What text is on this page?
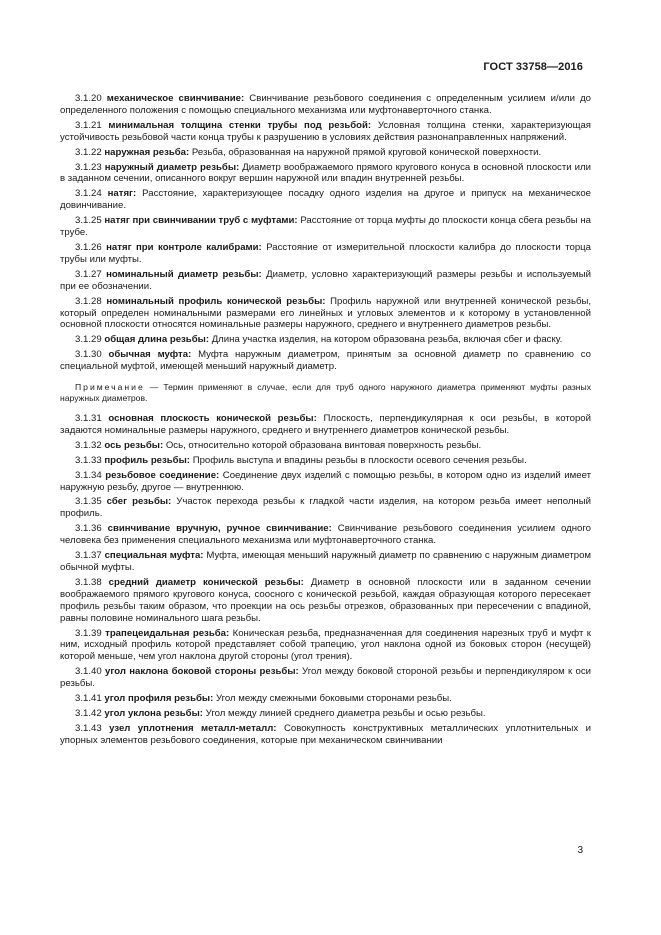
ГОСТ 33758—2016

3.1.20 механическое свинчивание: Свинчивание резьбового соединения с определенным усилием и/или до определенного положения с помощью специального механизма или муфтонаверточного станка.

3.1.21 минимальная толщина стенки трубы под резьбой: Условная толщина стенки, характеризующая устойчивость резьбовой части конца трубы к разрушению в условиях действия разнонаправленных напряжений.

3.1.22 наружная резьба: Резьба, образованная на наружной прямой круговой конической поверхности.

3.1.23 наружный диаметр резьбы: Диаметр воображаемого прямого кругового конуса в основной плоскости или в заданном сечении, описанного вокруг вершин наружной или впадин внутренней резьбы.

3.1.24 натяг: Расстояние, характеризующее посадку одного изделия на другое и припуск на механическое довинчивание.

3.1.25 натяг при свинчивании труб с муфтами: Расстояние от торца муфты до плоскости конца сбега резьбы на трубе.

3.1.26 натяг при контроле калибрами: Расстояние от измерительной плоскости калибра до плоскости торца трубы или муфты.

3.1.27 номинальный диаметр резьбы: Диаметр, условно характеризующий размеры резьбы и используемый при ее обозначении.

3.1.28 номинальный профиль конической резьбы: Профиль наружной или внутренней конической резьбы, который определен номинальными размерами его линейных и угловых элементов и к которому в установленной основной плоскости относятся номинальные размеры наружного, среднего и внутреннего диаметров резьбы.

3.1.29 общая длина резьбы: Длина участка изделия, на котором образована резьба, включая сбег и фаску.

3.1.30 обычная муфта: Муфта наружным диаметром, принятым за основной диаметр по сравнению со специальной муфтой, имеющей меньший наружный диаметр.

Примечание — Термин применяют в случае, если для труб одного наружного диаметра применяют муфты разных наружных диаметров.

3.1.31 основная плоскость конической резьбы: Плоскость, перпендикулярная к оси резьбы, в которой задаются номинальные размеры наружного, среднего и внутреннего диаметров конической резьбы.

3.1.32 ось резьбы: Ось, относительно которой образована винтовая поверхность резьбы.

3.1.33 профиль резьбы: Профиль выступа и впадины резьбы в плоскости осевого сечения резьбы.

3.1.34 резьбовое соединение: Соединение двух изделий с помощью резьбы, в котором одно из изделий имеет наружную резьбу, другое — внутреннюю.

3.1.35 сбег резьбы: Участок перехода резьбы к гладкой части изделия, на котором резьба имеет неполный профиль.

3.1.36 свинчивание вручную, ручное свинчивание: Свинчивание резьбового соединения усилием одного человека без применения специального механизма или муфтонаверточного станка.

3.1.37 специальная муфта: Муфта, имеющая меньший наружный диаметр по сравнению с наружным диаметром обычной муфты.

3.1.38 средний диаметр конической резьбы: Диаметр в основной плоскости или в заданном сечении воображаемого прямого кругового конуса, соосного с конической резьбой, каждая образующая которого пересекает профиль резьбы таким образом, что проекции на ось резьбы отрезков, образованных при пересечении с впадиной, равны половине номинального шага резьбы.

3.1.39 трапецеидальная резьба: Коническая резьба, предназначенная для соединения нарезных труб и муфт к ним, исходный профиль которой представляет собой трапецию, угол наклона одной из боковых сторон (несущей) которой меньше, чем угол наклона другой стороны (угол трения).

3.1.40 угол наклона боковой стороны резьбы: Угол между боковой стороной резьбы и перпендикуляром к оси резьбы.

3.1.41 угол профиля резьбы: Угол между смежными боковыми сторонами резьбы.

3.1.42 угол уклона резьбы: Угол между линией среднего диаметра резьбы и осью резьбы.

3.1.43 узел уплотнения металл-металл: Совокупность конструктивных металлических уплотнительных и упорных элементов резьбового соединения, которые при механическом свинчивании

3
